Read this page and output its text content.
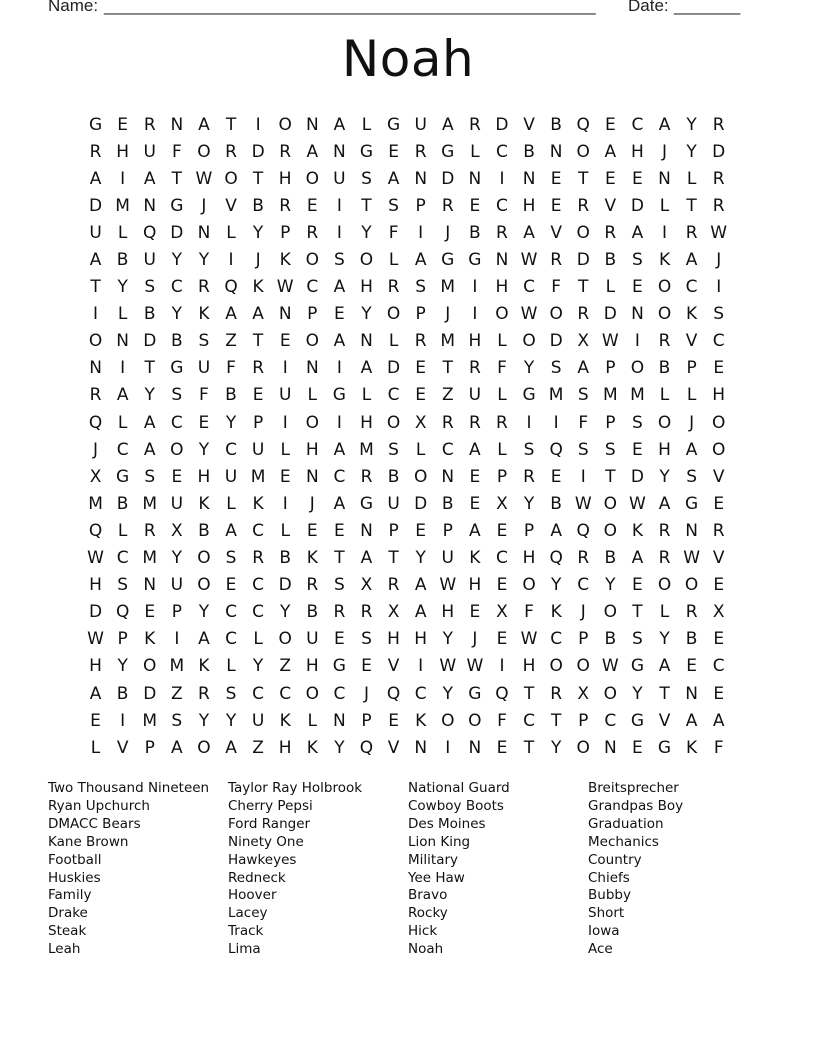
Name: ____________________________________________________ Date: _______
Noah
G E R N A T	I	O N A L G U A R D V B Q E C A Y R
R H U F O R D R A N G E R G L C B N O A H	J	Y D
A	I	A T W O T H O U S A N D N	I	N E T E E N L R
D M N G	J	V B R E	I	T S P R E C H E R V D L	T R
U L Q D N L	Y P R	I	Y	F	I	J	B R A V O R A	I	R W
A B U Y Y	I	J	K O S O L A G G N W R D B S K A	J
T Y S C R Q K W C A H R S M	I	H C F	T	L E O C	I
I	L B Y K A A N P E Y O P	J	I	O W O R D N O K S
O N D B S Z T E O A N L R M H L O D X W I	R V C
N	I	T G U F R	I	N	I	A D E T R F	Y S A P O B P E
R A Y S F B E U L G L C E Z U L G M S M M L	L H
Q L A C E Y P	I	O	I	H O X R R R	I	I	F	P S O	J	O
J	C A O Y C U L H A M S L C A L S Q S S E H A O
X G S E H U M E N C R B O N E P R E	I	T D Y S V
M B M U K L K	I	J	A G U D B E X Y B W O W A G E
Q L R X B A C L E E N P E P A E P A Q O K R N R
W C M Y O S R B K T A T Y U K C H Q R B A R W V
H S N U O E C D R S X R A W H E O Y C Y E O O E
D Q E P Y C C Y B R R X A H E X F K	J	O T	L R X
W P K	I	A C L O U E S H H Y	J	E W C P B S Y B E
H Y O M K L	Y Z H G E V	I W W I	H O O W G A E C
A B D Z R S C C O C	J	Q C Y G Q T R X O Y T N E
E	I	M S Y Y U K L N P E K O O F C T P C G V A A
L V P A O A Z H K Y Q V N	I	N E T Y O N E G K F
Two Thousand Nineteen
Ryan Upchurch
DMACC Bears
Kane Brown
Football
Huskies
Family
Drake
Steak
Leah
Taylor Ray Holbrook
Cherry Pepsi
Ford Ranger
Ninety One
Hawkeyes
Redneck
Hoover
Lacey
Track
Lima
National Guard
Cowboy Boots
Des Moines
Lion King
Military
Yee Haw
Bravo
Rocky
Hick
Noah
Breitsprecher
Grandpas Boy
Graduation
Mechanics
Country
Chiefs
Bubby
Short
Iowa
Ace
